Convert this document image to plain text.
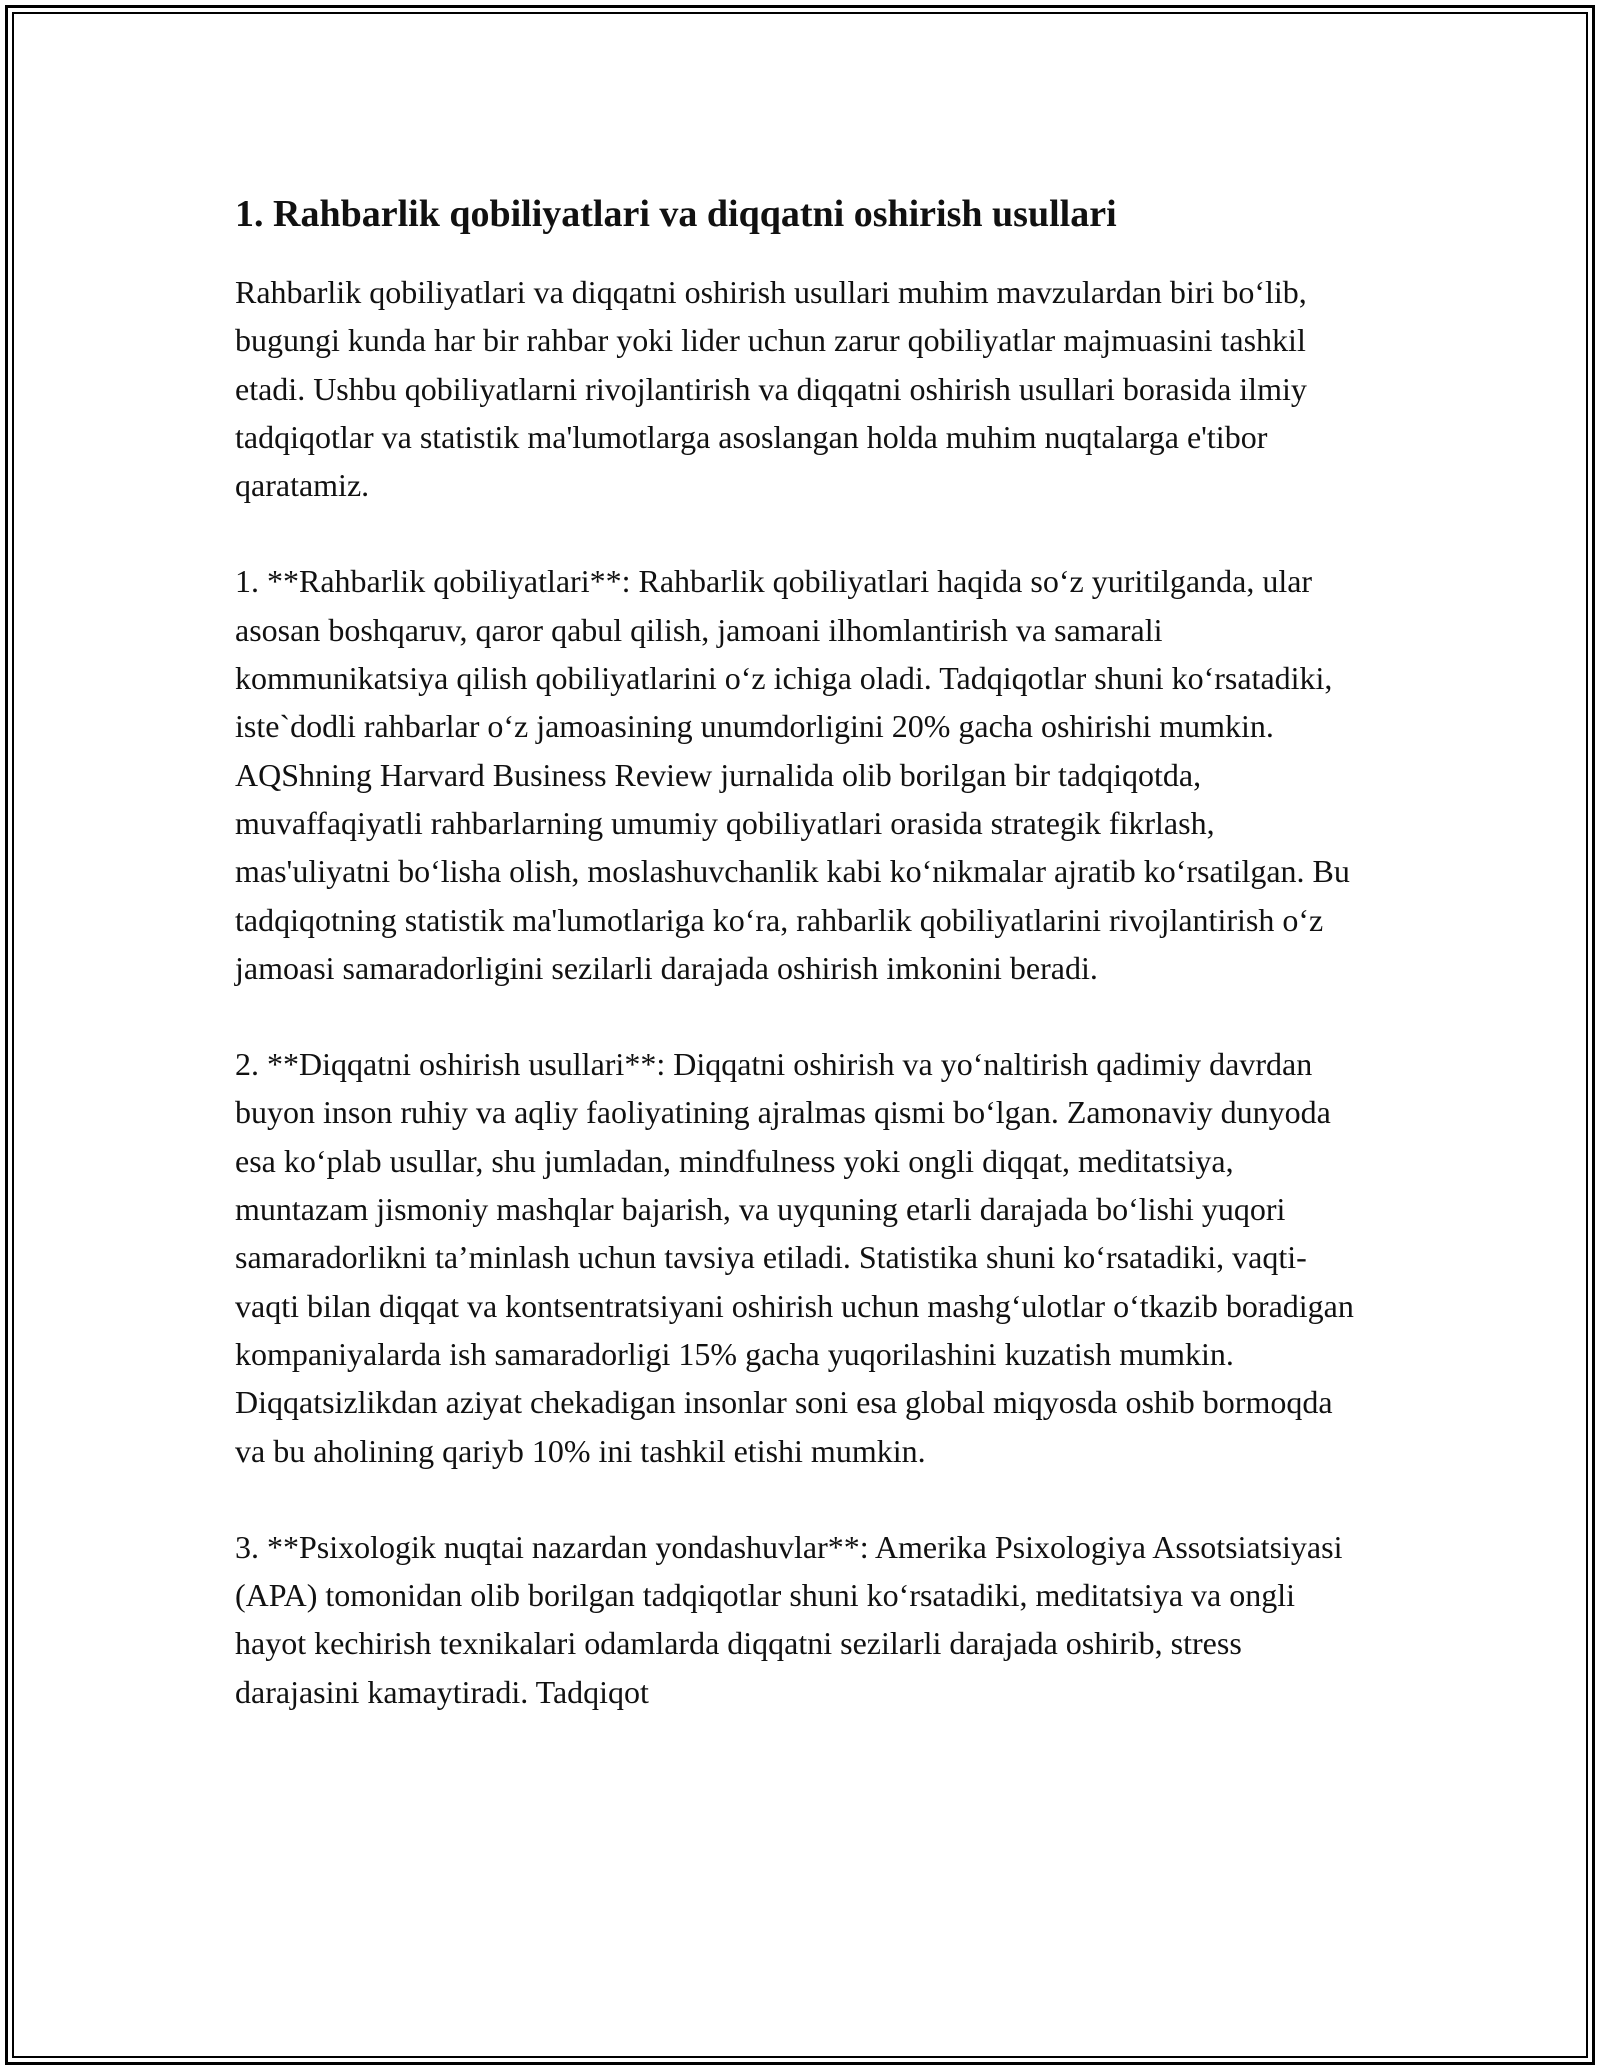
1. Rahbarlik qobiliyatlari va diqqatni oshirish usullari

Rahbarlik qobiliyatlari va diqqatni oshirish usullari muhim mavzulardan biri bo‘lib, bugungi kunda har bir rahbar yoki lider uchun zarur qobiliyatlar majmuasini tashkil etadi. Ushbu qobiliyatlarni rivojlantirish va diqqatni oshirish usullari borasida ilmiy tadqiqotlar va statistik ma'lumotlarga asoslangan holda muhim nuqtalarga e'tibor qaratamiz.

1. **Rahbarlik qobiliyatlari**: Rahbarlik qobiliyatlari haqida so‘z yuritilganda, ular asosan boshqaruv, qaror qabul qilish, jamoani ilhomlantirish va samarali kommunikatsiya qilish qobiliyatlarini o‘z ichiga oladi. Tadqiqotlar shuni ko‘rsatadiki, iste`dodli rahbarlar o‘z jamoasining unumdorligini 20% gacha oshirishi mumkin. AQShning Harvard Business Review jurnalida olib borilgan bir tadqiqotda, muvaffaqiyatli rahbarlarning umumiy qobiliyatlari orasida strategik fikrlash, mas'uliyatni bo‘lisha olish, moslashuvchanlik kabi ko‘nikmalar ajratib ko‘rsatilgan. Bu tadqiqotning statistik ma'lumotlariga ko‘ra, rahbarlik qobiliyatlarini rivojlantirish o‘z jamoasi samaradorligini sezilarli darajada oshirish imkonini beradi.

2. **Diqqatni oshirish usullari**: Diqqatni oshirish va yo‘naltirish qadimiy davrdan buyon inson ruhiy va aqliy faoliyatining ajralmas qismi bo‘lgan. Zamonaviy dunyoda esa ko‘plab usullar, shu jumladan, mindfulness yoki ongli diqqat, meditatsiya, muntazam jismoniy mashqlar bajarish, va uyquning etarli darajada bo‘lishi yuqori samaradorlikni ta’minlash uchun tavsiya etiladi. Statistika shuni ko‘rsatadiki, vaqti-vaqti bilan diqqat va kontsentratsiyani oshirish uchun mashg‘ulotlar o‘tkazib boradigan kompaniyalarda ish samaradorligi 15% gacha yuqorilashini kuzatish mumkin. Diqqatsizlikdan aziyat chekadigan insonlar soni esa global miqyosda oshib bormoqda va bu aholining qariyb 10% ini tashkil etishi mumkin.

3. **Psixologik nuqtai nazardan yondashuvlar**: Amerika Psixologiya Assotsiatsiyasi (APA) tomonidan olib borilgan tadqiqotlar shuni ko‘rsatadiki, meditatsiya va ongli hayot kechirish texnikalari odamlarda diqqatni sezilarli darajada oshirib, stress darajasini kamaytiradi. Tadqiqot
